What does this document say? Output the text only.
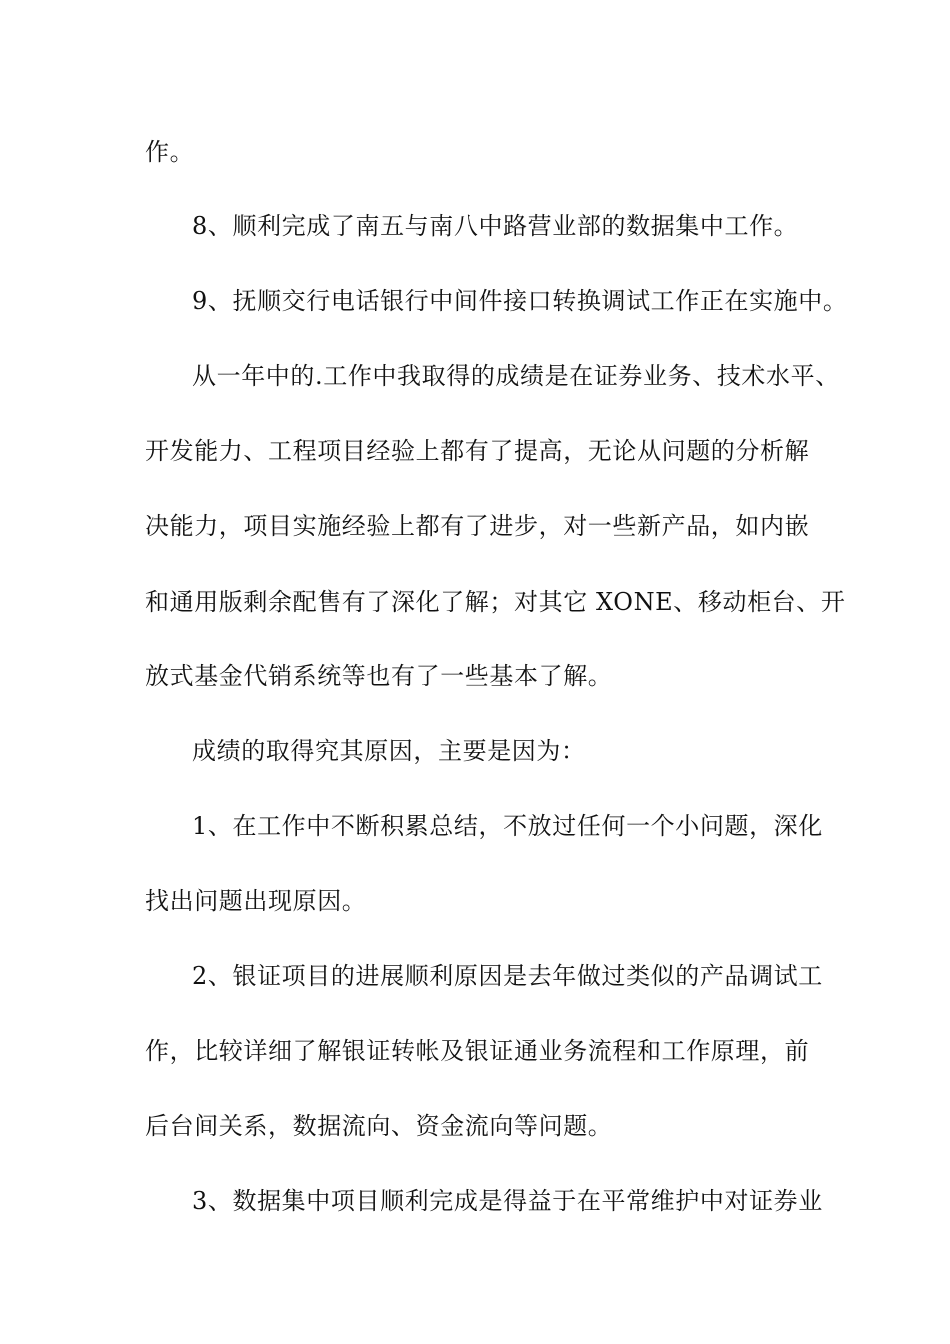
作。
8、顺利完成了南五与南八中路营业部的数据集中工作。
9、抚顺交行电话银行中间件接口转换调试工作正在实施中。
从一年中的.工作中我取得的成绩是在证券业务、技术水平、
开发能力、工程项目经验上都有了提高，无论从问题的分析解
决能力，项目实施经验上都有了进步，对一些新产品，如内嵌
和通用版剩余配售有了深化了解；对其它 XONE、移动柜台、开
放式基金代销系统等也有了一些基本了解。
成绩的取得究其原因，主要是因为：
1、在工作中不断积累总结，不放过任何一个小问题，深化
找出问题出现原因。
2、银证项目的进展顺利原因是去年做过类似的产品调试工
作，比较详细了解银证转帐及银证通业务流程和工作原理，前
后台间关系，数据流向、资金流向等问题。
3、数据集中项目顺利完成是得益于在平常维护中对证券业
